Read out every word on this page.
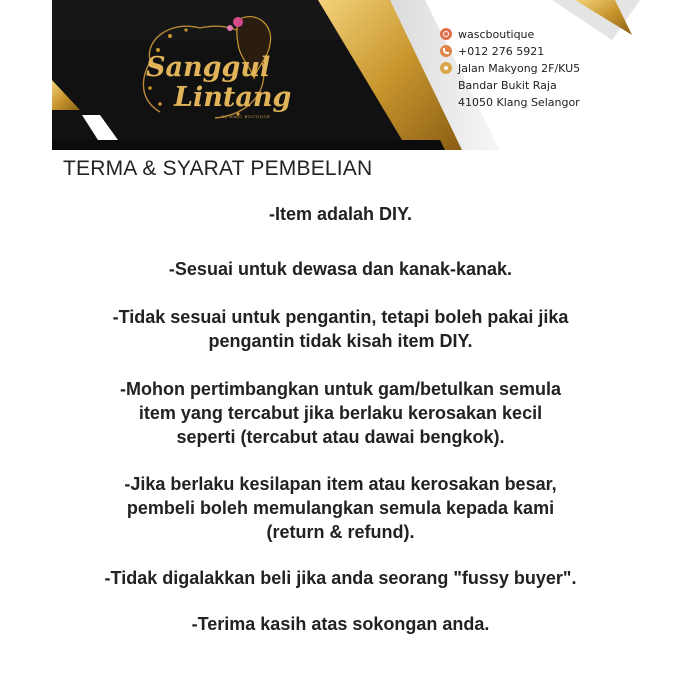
Sanggul
Lintang
by WASC BOUTIQUE
wascboutique
+012 276 5921
Jalan Makyong 2F/KU5
Bandar Bukit Raja
41050 Klang Selangor
TERMA & SYARAT PEMBELIAN
-Item adalah DIY.
-Sesuai untuk dewasa dan kanak-kanak.
-Tidak sesuai untuk pengantin, tetapi boleh pakai jika
pengantin tidak kisah item DIY.
-Mohon pertimbangkan untuk gam/betulkan semula
item yang tercabut jika berlaku kerosakan kecil
seperti (tercabut atau dawai bengkok).
-Jika berlaku kesilapan item atau kerosakan besar,
pembeli boleh memulangkan semula kepada kami
(return & refund).
-Tidak digalakkan beli jika anda seorang "fussy buyer".
-Terima kasih atas sokongan anda.
